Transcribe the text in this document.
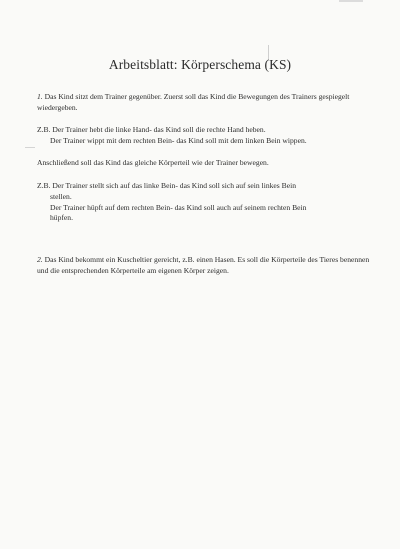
Arbeitsblatt: Körperschema (KS)
1. Das Kind sitzt dem Trainer gegenüber. Zuerst soll das Kind die Bewegungen des Trainers gespiegelt wiedergeben.
Z.B. Der Trainer hebt die linke Hand- das Kind soll die rechte Hand heben.
Der Trainer wippt mit dem rechten Bein- das Kind soll mit dem linken Bein wippen.
Anschließend soll das Kind das gleiche Körperteil wie der Trainer bewegen.
Z.B. Der Trainer stellt sich auf das linke Bein- das Kind soll sich auf sein linkes Bein
stellen.
Der Trainer hüpft auf dem rechten Bein- das Kind soll auch auf seinem rechten Bein
hüpfen.
2. Das Kind bekommt ein Kuscheltier gereicht, z.B. einen Hasen. Es soll die Körperteile des Tieres benennen und die entsprechenden Körperteile am eigenen Körper zeigen.
